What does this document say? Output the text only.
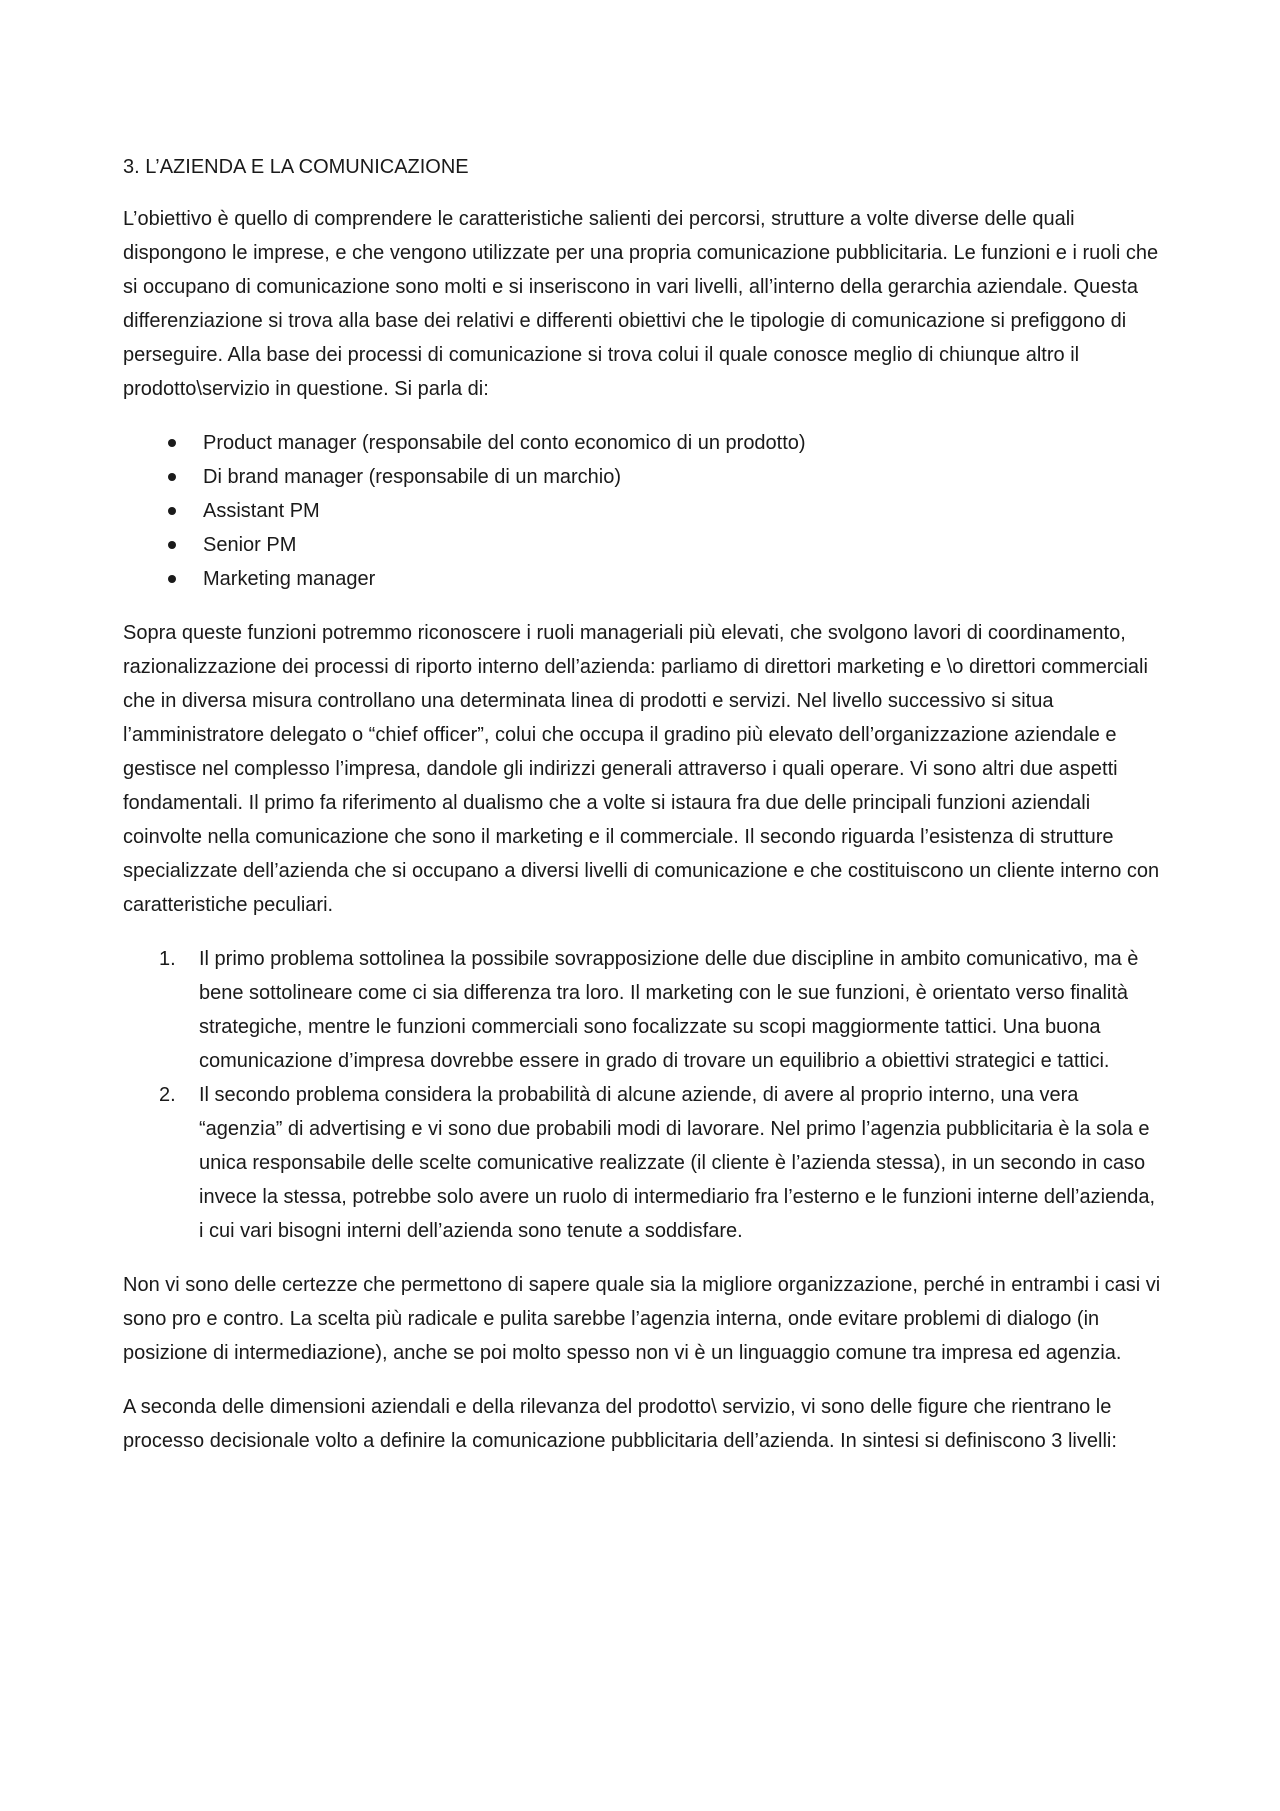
3. L’AZIENDA E LA COMUNICAZIONE

L’obiettivo è quello di comprendere le caratteristiche salienti dei percorsi, strutture a volte diverse delle quali dispongono le imprese, e che vengono utilizzate per una propria comunicazione pubblicitaria. Le funzioni e i ruoli che si occupano di comunicazione sono molti e si inseriscono in vari livelli, all’interno della gerarchia aziendale. Questa differenziazione si trova alla base dei relativi e differenti obiettivi che le tipologie di comunicazione si prefiggono di perseguire. Alla base dei processi di comunicazione si trova colui il quale conosce meglio di chiunque altro il prodotto\servizio in questione. Si parla di:

Product manager (responsabile del conto economico di un prodotto)
Di brand manager (responsabile di un marchio)
Assistant PM
Senior PM
Marketing manager

Sopra queste funzioni potremmo riconoscere i ruoli manageriali più elevati, che svolgono lavori di coordinamento, razionalizzazione dei processi di riporto interno dell’azienda: parliamo di direttori marketing e \o direttori commerciali che in diversa misura controllano una determinata linea di prodotti e servizi. Nel livello successivo si situa l’amministratore delegato o “chief officer”, colui che occupa il gradino più elevato dell’organizzazione aziendale e gestisce nel complesso l’impresa, dandole gli indirizzi generali attraverso i quali operare. Vi sono altri due aspetti fondamentali. Il primo fa riferimento al dualismo che a volte si istaura fra due delle principali funzioni aziendali coinvolte nella comunicazione che sono il marketing e il commerciale. Il secondo riguarda l’esistenza di strutture specializzate dell’azienda che si occupano a diversi livelli di comunicazione e che costituiscono un cliente interno con caratteristiche peculiari.

1. Il primo problema sottolinea la possibile sovrapposizione delle due discipline in ambito comunicativo, ma è bene sottolineare come ci sia differenza tra loro. Il marketing con le sue funzioni, è orientato verso finalità strategiche, mentre le funzioni commerciali sono focalizzate su scopi maggiormente tattici. Una buona comunicazione d’impresa dovrebbe essere in grado di trovare un equilibrio a obiettivi strategici e tattici.
2. Il secondo problema considera la probabilità di alcune aziende, di avere al proprio interno, una vera “agenzia” di advertising e vi sono due probabili modi di lavorare. Nel primo l’agenzia pubblicitaria è la sola e unica responsabile delle scelte comunicative realizzate (il cliente è l’azienda stessa), in un secondo in caso invece la stessa, potrebbe solo avere un ruolo di intermediario fra l’esterno e le funzioni interne dell’azienda, i cui vari bisogni interni dell’azienda sono tenute a soddisfare.

Non vi sono delle certezze che permettono di sapere quale sia la migliore organizzazione, perché in entrambi i casi vi sono pro e contro. La scelta più radicale e pulita sarebbe l’agenzia interna, onde evitare problemi di dialogo (in posizione di intermediazione), anche se poi molto spesso non vi è un linguaggio comune tra impresa ed agenzia.

A seconda delle dimensioni aziendali e della rilevanza del prodotto\ servizio, vi sono delle figure che rientrano le processo decisionale volto a definire la comunicazione pubblicitaria dell’azienda. In sintesi si definiscono 3 livelli:
